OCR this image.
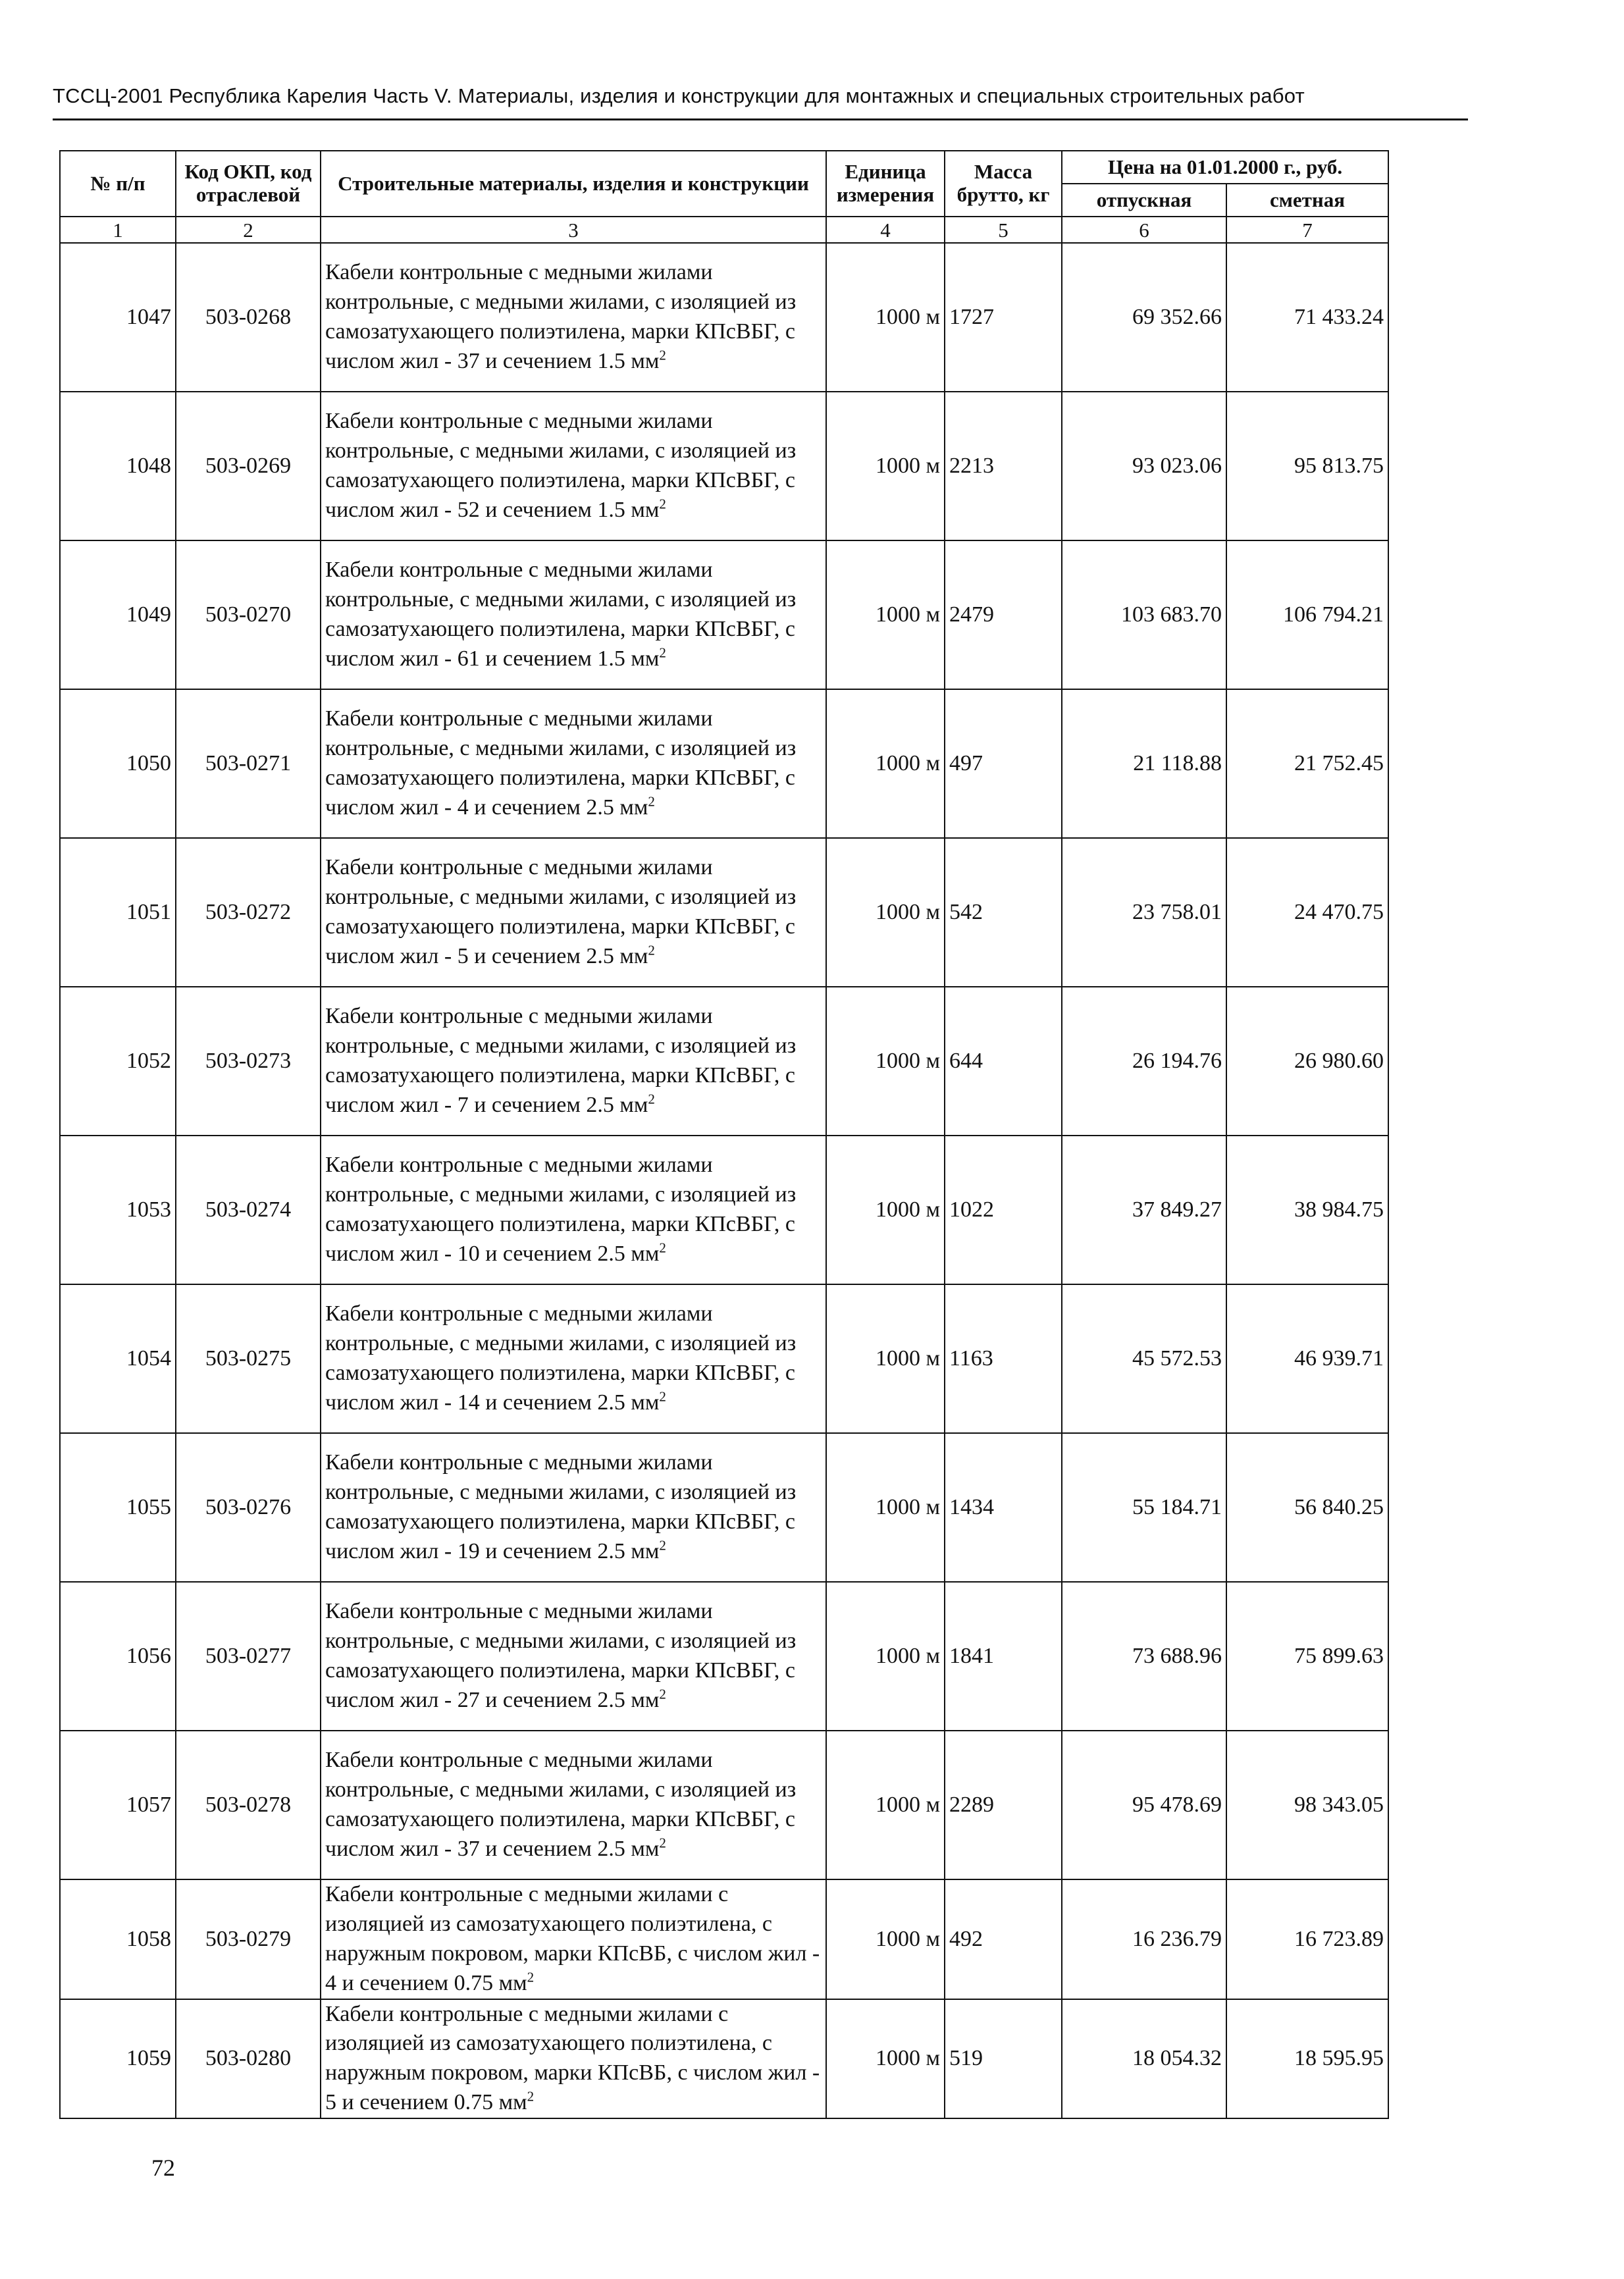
ТССЦ-2001 Республика Карелия Часть V. Материалы, изделия и конструкции для монтажных и специальных строительных работ
№ п/п	Код ОКП, код отраслевой	Строительные материалы, изделия и конструкции	Единица измерения	Масса брутто, кг	Цена на 01.01.2000 г., руб.	
					отпускная	сметная
1	2	3	4	5	6	7
1047	503-0268	Кабели контрольные с медными жилами контрольные, с медными жилами, с изоляцией из самозатухающего полиэтилена, марки КПсВБГ, с числом жил - 37 и сечением 1.5 $мм^2$	1000 м	1727	69 352.66	71 433.24
1048	503-0269	Кабели контрольные с медными жилами контрольные, с медными жилами, с изоляцией из самозатухающего полиэтилена, марки КПсВБГ, с числом жил - 52 и сечением 1.5 $мм^2$	1000 м	2213	93 023.06	95 813.75
1049	503-0270	Кабели контрольные с медными жилами контрольные, с медными жилами, с изоляцией из самозатухающего полиэтилена, марки КПсВБГ, с числом жил - 61 и сечением 1.5 $мм^2$	1000 м	2479	103 683.70	106 794.21
1050	503-0271	Кабели контрольные с медными жилами контрольные, с медными жилами, с изоляцией из самозатухающего полиэтилена, марки КПсВБГ, с числом жил - 4 и сечением 2.5 $мм^2$	1000 м	497	21 118.88	21 752.45
1051	503-0272	Кабели контрольные с медными жилами контрольные, с медными жилами, с изоляцией из самозатухающего полиэтилена, марки КПсВБГ, с числом жил - 5 и сечением 2.5 $мм^2$	1000 м	542	23 758.01	24 470.75
1052	503-0273	Кабели контрольные с медными жилами контрольные, с медными жилами, с изоляцией из самозатухающего полиэтилена, марки КПсВБГ, с числом жил - 7 и сечением 2.5 $мм^2$	1000 м	644	26 194.76	26 980.60
1053	503-0274	Кабели контрольные с медными жилами контрольные, с медными жилами, с изоляцией из самозатухающего полиэтилена, марки КПсВБГ, с числом жил - 10 и сечением 2.5 $мм^2$	1000 м	1022	37 849.27	38 984.75
1054	503-0275	Кабели контрольные с медными жилами контрольные, с медными жилами, с изоляцией из самозатухающего полиэтилена, марки КПсВБГ, с числом жил - 14 и сечением 2.5 $мм^2$	1000 м	1163	45 572.53	46 939.71
1055	503-0276	Кабели контрольные с медными жилами контрольные, с медными жилами, с изоляцией из самозатухающего полиэтилена, марки КПсВБГ, с числом жил - 19 и сечением 2.5 $мм^2$	1000 м	1434	55 184.71	56 840.25
1056	503-0277	Кабели контрольные с медными жилами контрольные, с медными жилами, с изоляцией из самозатухающего полиэтилена, марки КПсВБГ, с числом жил - 27 и сечением 2.5 $мм^2$	1000 м	1841	73 688.96	75 899.63
1057	503-0278	Кабели контрольные с медными жилами контрольные, с медными жилами, с изоляцией из самозатухающего полиэтилена, марки КПсВБГ, с числом жил - 37 и сечением 2.5 $мм^2$	1000 м	2289	95 478.69	98 343.05
1058	503-0279	Кабели контрольные с медными жилами с изоляцией из самозатухающего полиэтилена, с наружным покровом, марки КПсВБ, с числом жил - 4 и сечением 0.75 $мм^2$	1000 м	492	16 236.79	16 723.89
1059	503-0280	Кабели контрольные с медными жилами с изоляцией из самозатухающего полиэтилена, с наружным покровом, марки КПсВБ, с числом жил - 5 и сечением 0.75 $мм^2$	1000 м	519	18 054.32	18 595.95
72
